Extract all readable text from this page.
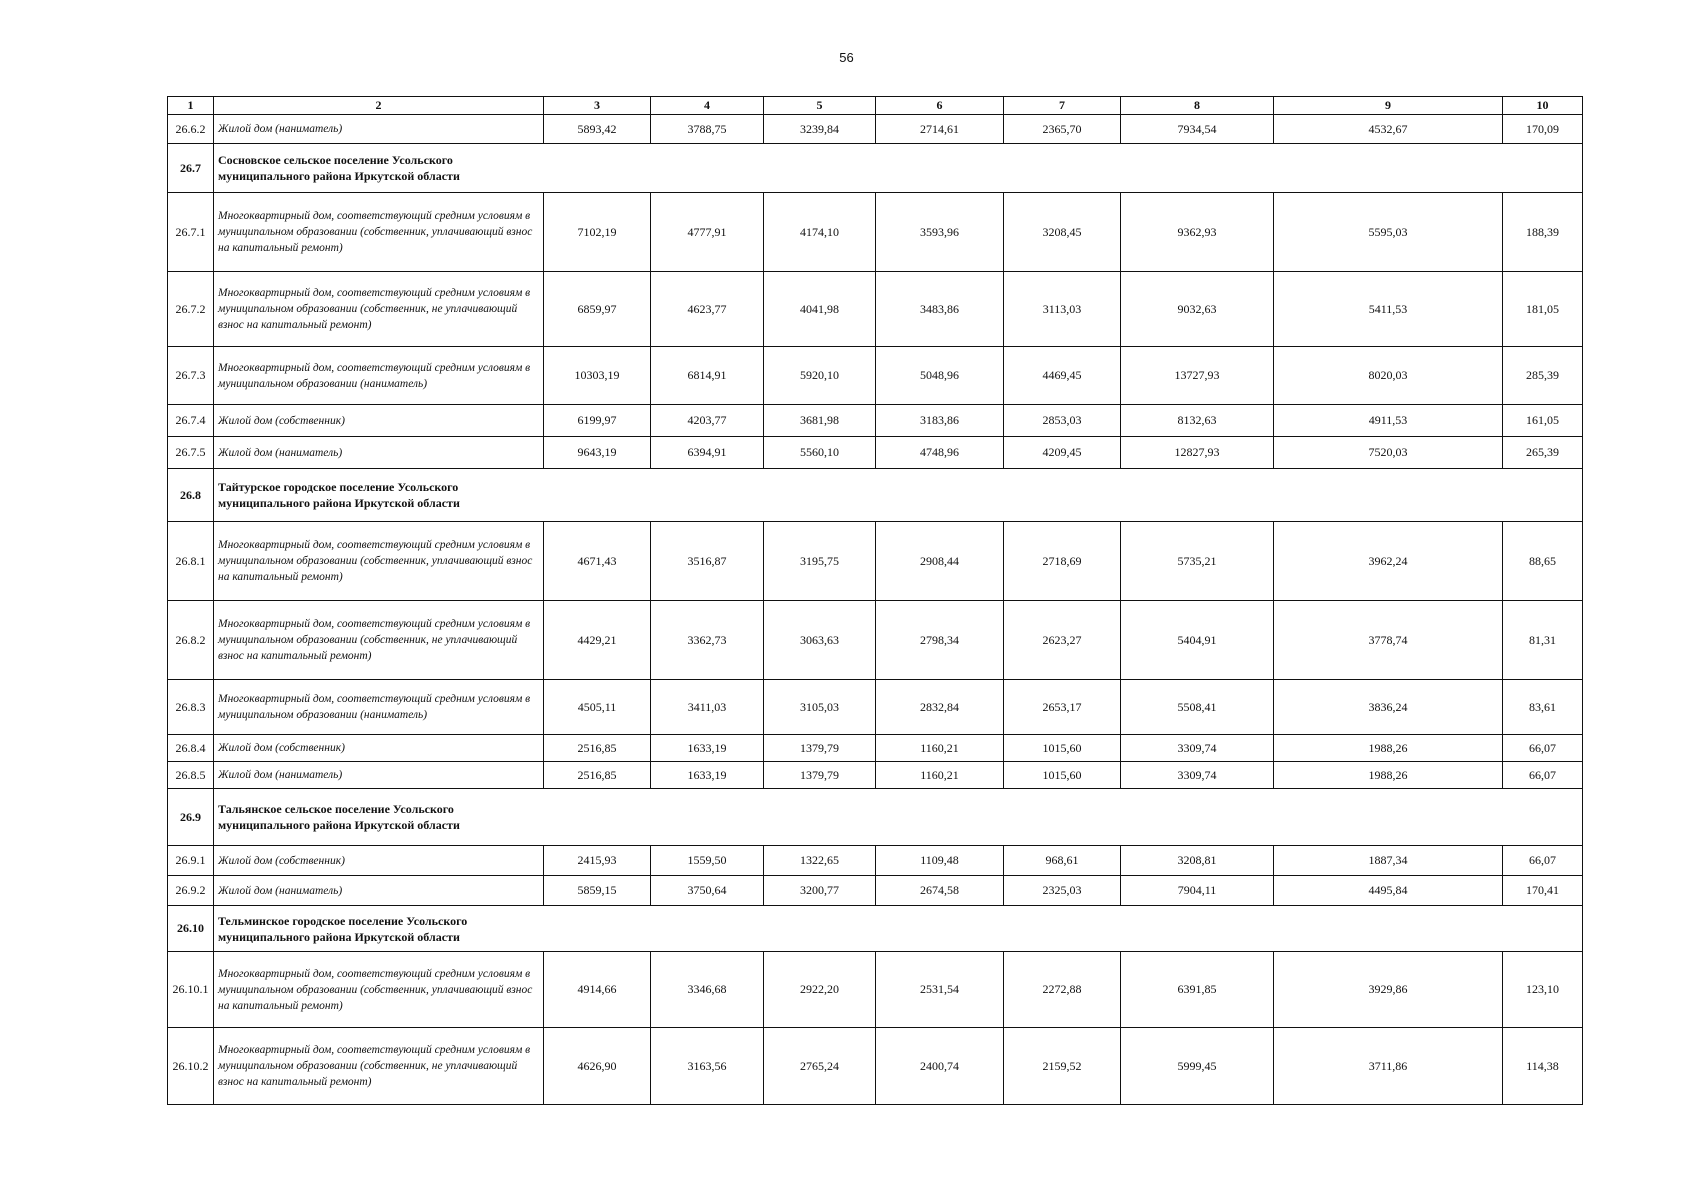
56
1	2	3	4	5	6	7	8	9	10
26.6.2	Жилой дом (наниматель)	5893,42	3788,75	3239,84	2714,61	2365,70	7934,54	4532,67	170,09
26.7	Сосновское сельское поселение Усольского муниципального района Иркутской области								

26.7.1	Многоквартирный дом, соответствующий средним условиям в муниципальном образовании (собственник, уплачивающий взнос на капитальный ремонт)	7102,19	4777,91	4174,10	3593,96	3208,45	9362,93	5595,03	188,39
26.7.2	Многоквартирный дом, соответствующий средним условиям в муниципальном образовании (собственник, не уплачивающий взнос на капитальный ремонт)	6859,97	4623,77	4041,98	3483,86	3113,03	9032,63	5411,53	181,05
26.7.3	Многоквартирный дом, соответствующий средним условиям в муниципальном образовании (наниматель)	10303,19	6814,91	5920,10	5048,96	4469,45	13727,93	8020,03	285,39
26.7.4	Жилой дом (собственник)	6199,97	4203,77	3681,98	3183,86	2853,03	8132,63	4911,53	161,05
26.7.5	Жилой дом (наниматель)	9643,19	6394,91	5560,10	4748,96	4209,45	12827,93	7520,03	265,39
26.8	Тайтурское городское поселение Усольского муниципального района Иркутской области								

26.8.1	Многоквартирный дом, соответствующий средним условиям в муниципальном образовании (собственник, уплачивающий взнос на капитальный ремонт)	4671,43	3516,87	3195,75	2908,44	2718,69	5735,21	3962,24	88,65
26.8.2	Многоквартирный дом, соответствующий средним условиям в муниципальном образовании (собственник, не уплачивающий взнос на капитальный ремонт)	4429,21	3362,73	3063,63	2798,34	2623,27	5404,91	3778,74	81,31
26.8.3	Многоквартирный дом, соответствующий средним условиям в муниципальном образовании (наниматель)	4505,11	3411,03	3105,03	2832,84	2653,17	5508,41	3836,24	83,61
26.8.4	Жилой дом (собственник)	2516,85	1633,19	1379,79	1160,21	1015,60	3309,74	1988,26	66,07
26.8.5	Жилой дом (наниматель)	2516,85	1633,19	1379,79	1160,21	1015,60	3309,74	1988,26	66,07
26.9	Тальянское сельское поселение Усольского муниципального района Иркутской области								

26.9.1	Жилой дом (собственник)	2415,93	1559,50	1322,65	1109,48	968,61	3208,81	1887,34	66,07
26.9.2	Жилой дом (наниматель)	5859,15	3750,64	3200,77	2674,58	2325,03	7904,11	4495,84	170,41
26.10	Тельминское городское поселение Усольского муниципального района Иркутской области								

26.10.1	Многоквартирный дом, соответствующий средним условиям в муниципальном образовании (собственник, уплачивающий взнос на капитальный ремонт)	4914,66	3346,68	2922,20	2531,54	2272,88	6391,85	3929,86	123,10
26.10.2	Многоквартирный дом, соответствующий средним условиям в муниципальном образовании (собственник, не уплачивающий взнос на капитальный ремонт)	4626,90	3163,56	2765,24	2400,74	2159,52	5999,45	3711,86	114,38
